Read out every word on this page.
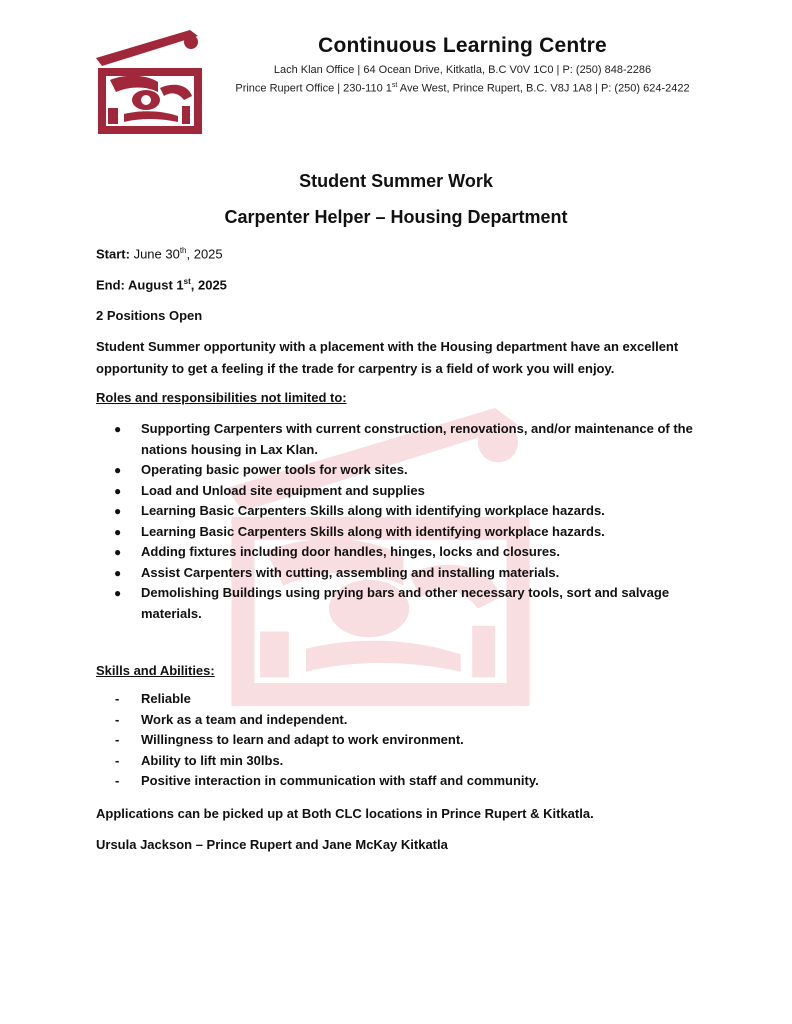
Continuous Learning Centre
Lach Klan Office | 64 Ocean Drive, Kitkatla, B.C V0V 1C0 | P: (250) 848-2286
Prince Rupert Office | 230-110 1st Ave West, Prince Rupert, B.C. V8J 1A8 | P: (250) 624-2422
Student Summer Work
Carpenter Helper – Housing Department
Start: June 30th, 2025
End: August 1st, 2025
2 Positions Open
Student Summer opportunity with a placement with the Housing department have an excellent opportunity to get a feeling if the trade for carpentry is a field of work you will enjoy.
Roles and responsibilities not limited to:
● Supporting Carpenters with current construction, renovations, and/or maintenance of the nations housing in Lax Klan.
● Operating basic power tools for work sites.
● Load and Unload site equipment and supplies
● Learning Basic Carpenters Skills along with identifying workplace hazards.
● Learning Basic Carpenters Skills along with identifying workplace hazards.
● Adding fixtures including door handles, hinges, locks and closures.
● Assist Carpenters with cutting, assembling and installing materials.
● Demolishing Buildings using prying bars and other necessary tools, sort and salvage materials.
Skills and Abilities:
- Reliable
- Work as a team and independent.
- Willingness to learn and adapt to work environment.
- Ability to lift min 30lbs.
- Positive interaction in communication with staff and community.
Applications can be picked up at Both CLC locations in Prince Rupert & Kitkatla.
Ursula Jackson – Prince Rupert and Jane McKay Kitkatla
